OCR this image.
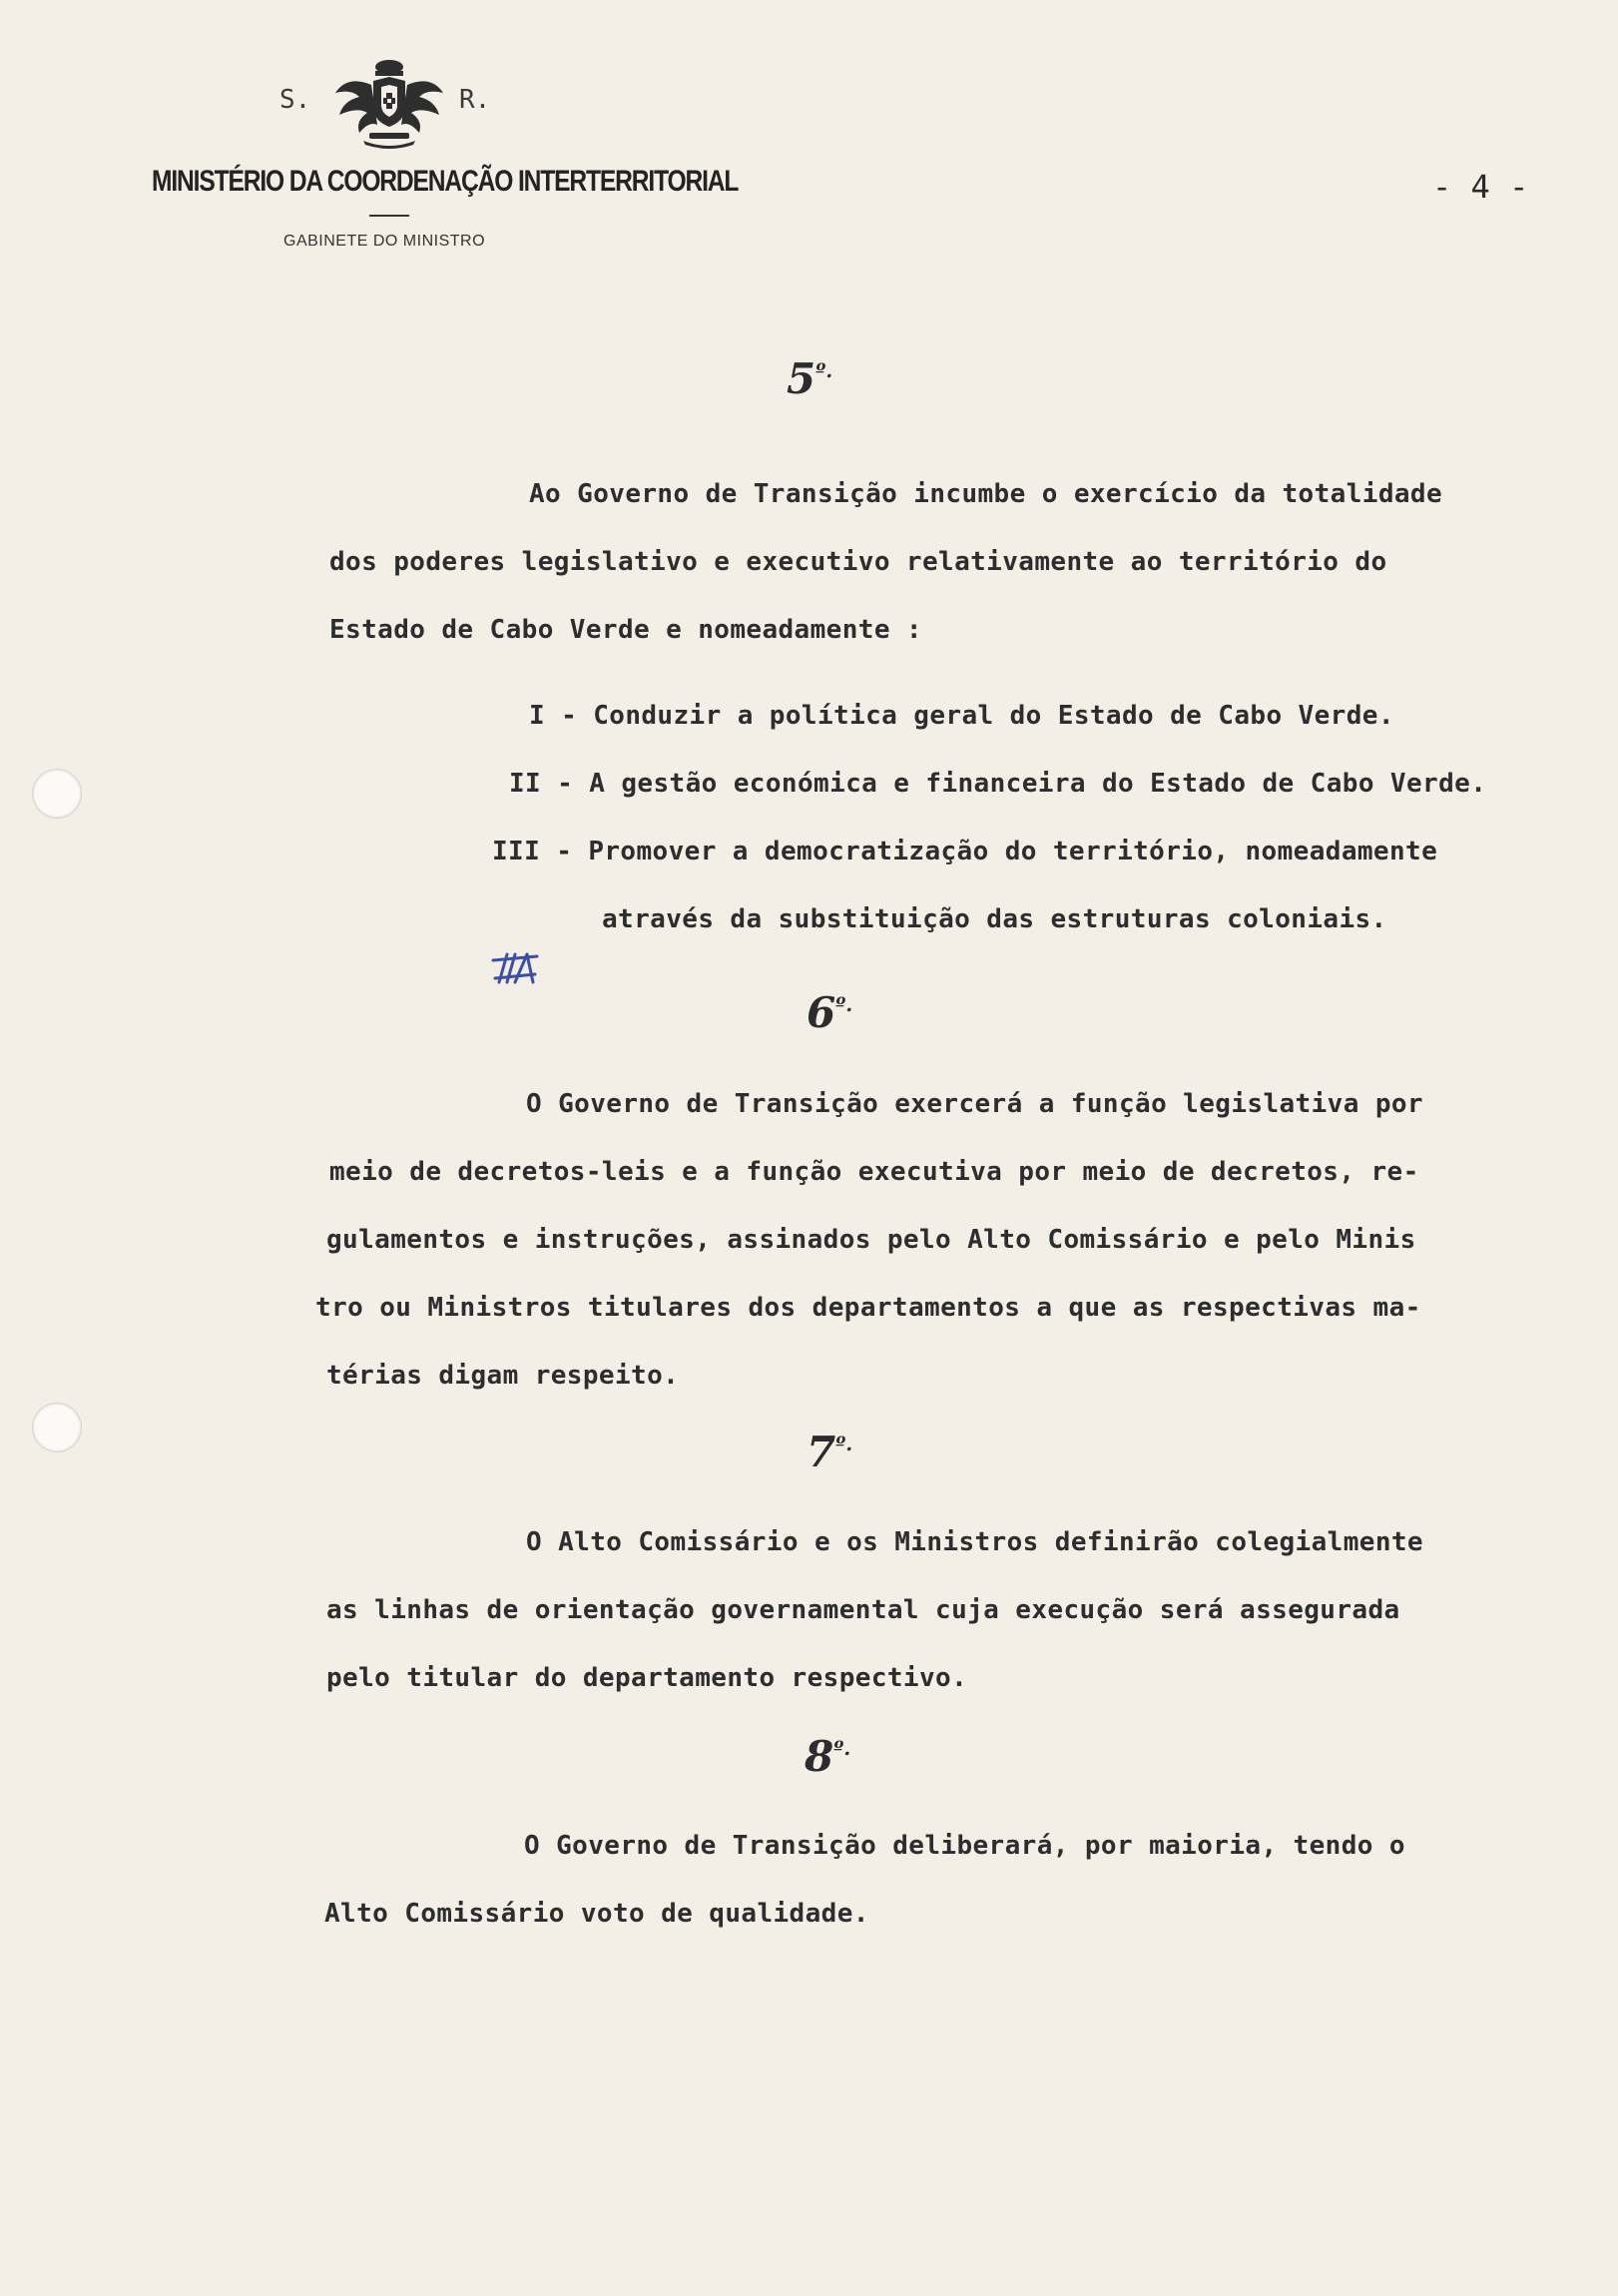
S.	R.
MINISTÉRIO DA COORDENAÇÃO INTERTERRITORIAL
GABINETE DO MINISTRO
- 4 -
$5^{º.}$
Ao Governo de Transição incumbe o exercício da totalidade
dos poderes legislativo e executivo relativamente ao território do
Estado de Cabo Verde e nomeadamente :
I - Conduzir a política geral do Estado de Cabo Verde.
II - A gestão económica e financeira do Estado de Cabo Verde.
III - Promover a democratização do território, nomeadamente
através da substituição das estruturas coloniais.
$6^{º.}$
O Governo de Transição exercerá a função legislativa por
meio de decretos-leis e a função executiva por meio de decretos, re-
gulamentos e instruções, assinados pelo Alto Comissário e pelo Minis
tro ou Ministros titulares dos departamentos a que as respectivas ma-
térias digam respeito.
$7^{º.}$
O Alto Comissário e os Ministros definirão colegialmente
as linhas de orientação governamental cuja execução será assegurada
pelo titular do departamento respectivo.
$8^{º.}$
O Governo de Transição deliberará, por maioria, tendo o
Alto Comissário voto de qualidade.
